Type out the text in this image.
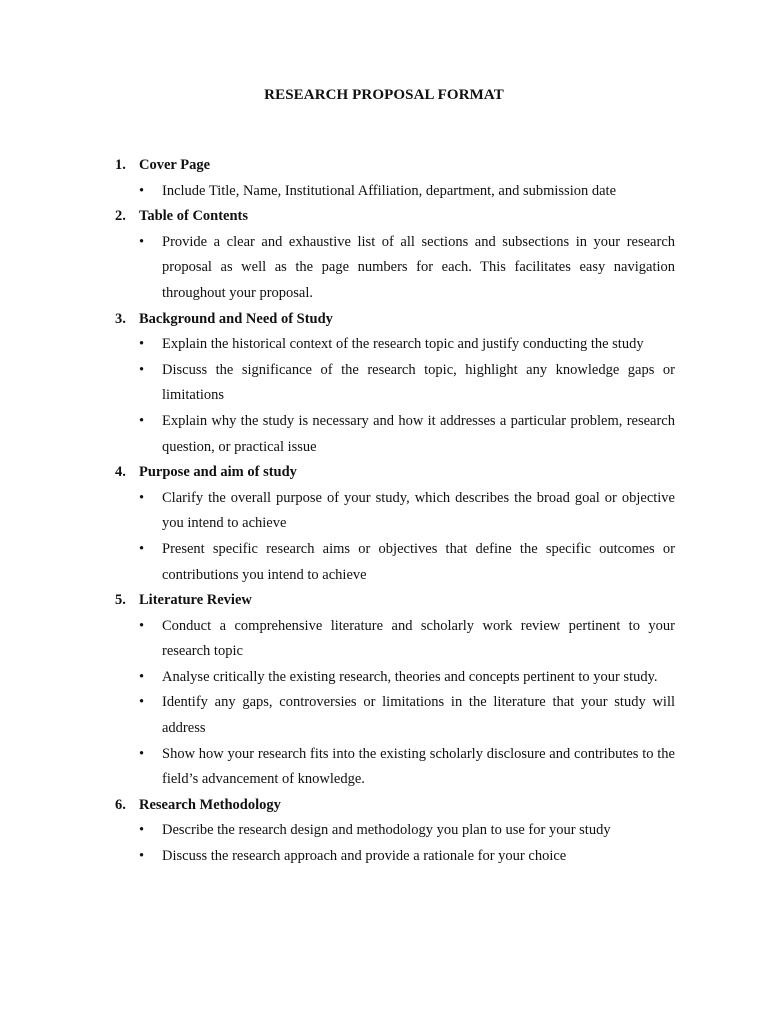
RESEARCH PROPOSAL FORMAT
1. Cover Page
• Include Title, Name, Institutional Affiliation, department, and submission date
2. Table of Contents
• Provide a clear and exhaustive list of all sections and subsections in your research proposal as well as the page numbers for each. This facilitates easy navigation throughout your proposal.
3. Background and Need of Study
• Explain the historical context of the research topic and justify conducting the study
• Discuss the significance of the research topic, highlight any knowledge gaps or limitations
• Explain why the study is necessary and how it addresses a particular problem, research question, or practical issue
4. Purpose and aim of study
• Clarify the overall purpose of your study, which describes the broad goal or objective you intend to achieve
• Present specific research aims or objectives that define the specific outcomes or contributions you intend to achieve
5. Literature Review
• Conduct a comprehensive literature and scholarly work review pertinent to your research topic
• Analyse critically the existing research, theories and concepts pertinent to your study.
• Identify any gaps, controversies or limitations in the literature that your study will address
• Show how your research fits into the existing scholarly disclosure and contributes to the field’s advancement of knowledge.
6. Research Methodology
• Describe the research design and methodology you plan to use for your study
• Discuss the research approach and provide a rationale for your choice
